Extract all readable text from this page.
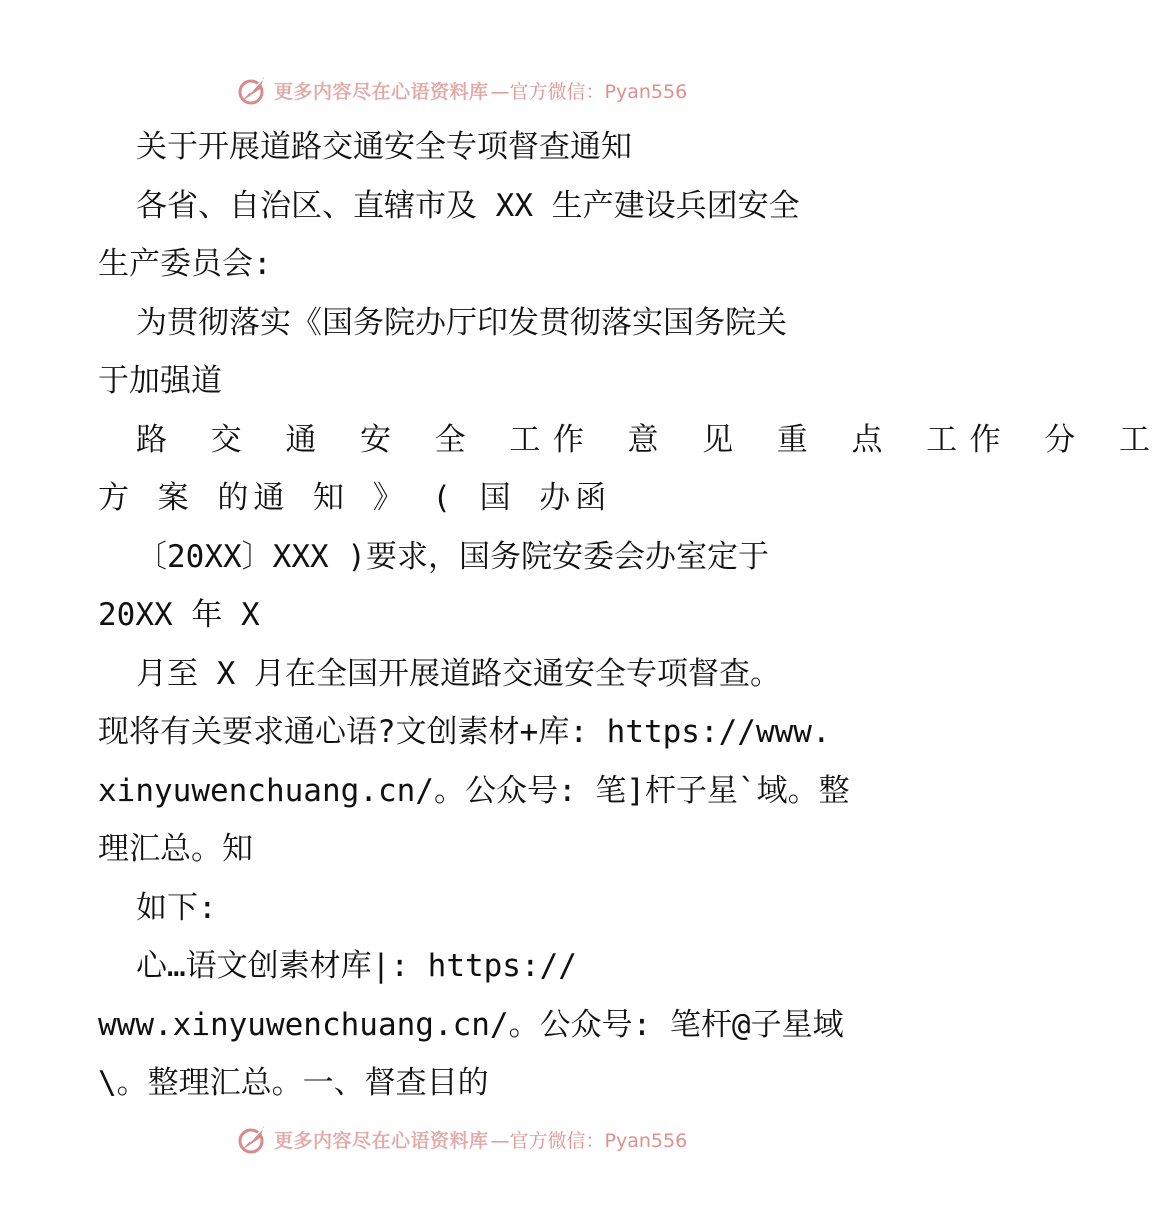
更多内容尽在心语资料库 —官方微信：Pyan556
关于开展道路交通安全专项督查通知
各省、自治区、直辖市及 XX 生产建设兵团安全
生产委员会:
为贯彻落实《国务院办厅印发贯彻落实国务院关
于加强道
路 交 通 安 全 工作 意 见 重 点 工作 分 工
方 案 的通 知 》 ( 国 办函
〔20XX〕XXX )要求，国务院安委会办室定于
20XX 年 X
月至 X 月在全国开展道路交通安全专项督查。
现将有关要求通心语?文创素材+库: https://www.
xinyuwenchuang.cn/。公众号: 笔]杆子星`域。整
理汇总。知
如下:
心…语文创素材库|: https://
www.xinyuwenchuang.cn/。公众号: 笔杆@子星域
\。整理汇总。一、督查目的
更多内容尽在心语资料库 —官方微信：Pyan556
